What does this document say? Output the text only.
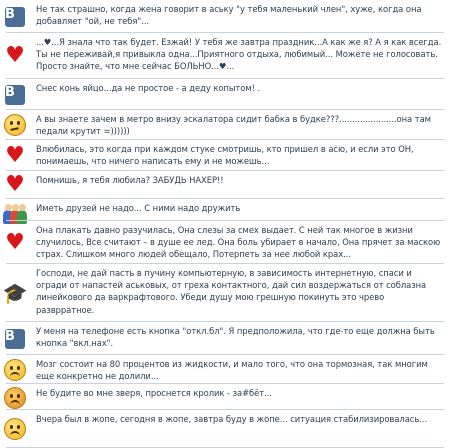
В	Не так страшно, когда жена говорит в аську "у тебя маленький член", хуже, когда она добавляет "ой, не тебя"...
♥
...♥...Я знала что так будет. Езжай! У тебя же завтра праздник...А как же я? А я как всегда. Ты не переживай,я привыкла одна...Приятного отдыха, любимый... Можете не голосовать. Просто знайте, что мне сейчас БОЛЬНО...♥...
В	Снес конь яйцо...да не простое - а деду копытом! .
А вы знаете зачем в метро внизу эскалатора сидит бабка в будке???......................она там педали крутит =))))))
♥ Влюбилась, это когда при каждом стуке смотришь, кто пришел в асю, и если это ОН, понимаешь, что ничего написать ему и не можешь...
♥ Помнишь, я тебя любила? ЗАБУДЬ НАХЕР!!
Иметь друзей не надо... С ними надо дружить
♥ Она плакать давно разучилась, Она слезы за смех выдает. С ней так многое в жизни случилось, Все считают – в душе ее лед. Она боль убирает в начало, Она прячет за маскою страх. Слишком много людей обещало, Потерпеть за нее любой крах...
🎓
Господи, не дай пасть в пучину компьютерную, в зависимость интернетную, спаси и огради от напастей аськовых, от греха контактного, дай сил воздержаться от соблазна линейкового да варкрафтового. Убеди душу мою грешную покинуть это чрево разврратное.
В	У меня на телефоне есть кнопка "откл.бл". Я предположила, что где-то еще должна быть кнопка "вкл.нах".
Мозг состоит на 80 процентов из жидкости, и мало того, что она тормозная, так многим еще конкретно не долили...
Не будите во мне зверя, проснется кролик - за#бёт...
Вчера был в жопе, сегодня в жопе, завтра буду в жопе... ситуация стабилизировалась...
